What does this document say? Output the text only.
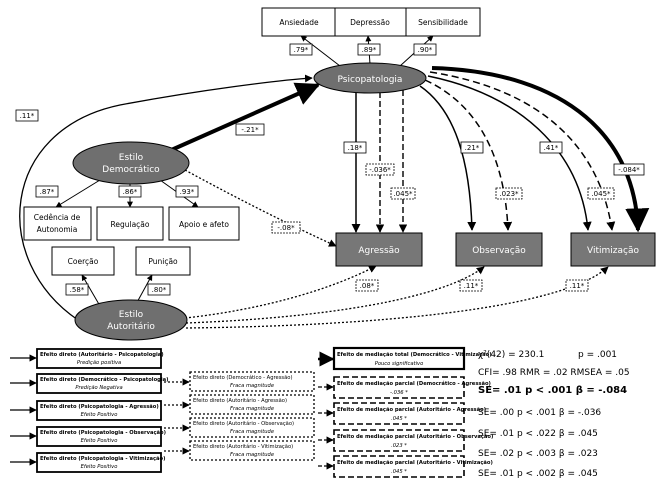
Ansiedade	Depressão	Sensibilidade
Cedência de
Autonomia
Regulação	Apoio e afeto
Coerção	Punição
Psicopatologia
Estilo
Democrático
Estilo
Autoritário
Agressão	Observação	Vitimização
.79*	.89*	.90*
.11*
-.21*
.18*
-.036*
.045*
-.08*
.21*
.023*
.41*
.045*
-.084*
.87*	.86*	.93*
.58*	.80*	.08*	.11*	.11*
Efeito direto (Autoritário - Psicopatologia)
Predição positiva
Efeito direto (Democrático - Psicopatologia)
Predição Negativa
Efeito direto (Psicopatologia - Agressão)
Efeito Positivo
Efeito direto (Psicopatologia - Observação)
Efeito Positivo
Efeito direto (Psicopatologia - Vitimização)
Efeito Positivo
Efeito direto (Democrático - Agressão)
Fraca magnitude
Efeito direto (Autoritário - Agressão)
Fraca magnitude
Efeito direto (Autoritário - Observação)
Fraca magnitude
Efeito direto (Autoritário - Vitimização)
Fraca magnitude
Efeito de mediação total (Democrático - Vitimização)
Pouco significativo
Efeito de mediação parcial (Democrático - Agressão)
-.036 *
Efeito de mediação parcial (Autoritário - Agressão)
.045 *
Efeito de mediação parcial (Autoritário - Observação)
.023 *
Efeito de mediação parcial (Autoritário - Vitimização)
.045 *
χ²(42) = 230.1	p = .001
CFI= .98 RMR = .02 RMSEA = .05
SE= .01 p < .001 β = -.084
SE= .00 p < .001 β = -.036
SE= .01 p < .022 β = .045
SE= .02 p < .003 β = .023
SE= .01 p < .002 β = .045
